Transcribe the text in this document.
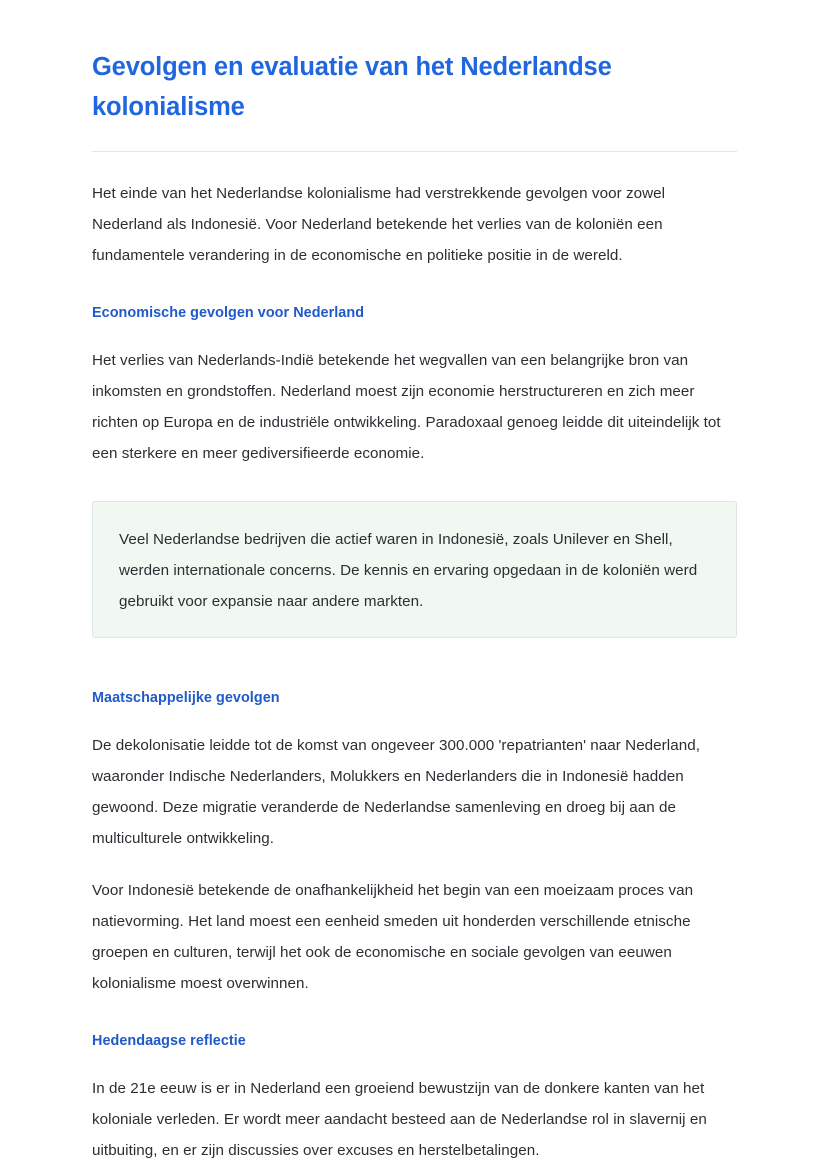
Gevolgen en evaluatie van het Nederlandse kolonialisme

Het einde van het Nederlandse kolonialisme had verstrekkende gevolgen voor zowel Nederland als Indonesië. Voor Nederland betekende het verlies van de koloniën een fundamentele verandering in de economische en politieke positie in de wereld.

Economische gevolgen voor Nederland

Het verlies van Nederlands-Indië betekende het wegvallen van een belangrijke bron van inkomsten en grondstoffen. Nederland moest zijn economie herstructureren en zich meer richten op Europa en de industriële ontwikkeling. Paradoxaal genoeg leidde dit uiteindelijk tot een sterkere en meer gediversifieerde economie.

Veel Nederlandse bedrijven die actief waren in Indonesië, zoals Unilever en Shell, werden internationale concerns. De kennis en ervaring opgedaan in de koloniën werd gebruikt voor expansie naar andere markten.

Maatschappelijke gevolgen

De dekolonisatie leidde tot de komst van ongeveer 300.000 'repatrianten' naar Nederland, waaronder Indische Nederlanders, Molukkers en Nederlanders die in Indonesië hadden gewoond. Deze migratie veranderde de Nederlandse samenleving en droeg bij aan de multiculturele ontwikkeling.

Voor Indonesië betekende de onafhankelijkheid het begin van een moeizaam proces van natievorming. Het land moest een eenheid smeden uit honderden verschillende etnische groepen en culturen, terwijl het ook de economische en sociale gevolgen van eeuwen kolonialisme moest overwinnen.

Hedendaagse reflectie

In de 21e eeuw is er in Nederland een groeiend bewustzijn van de donkere kanten van het koloniale verleden. Er wordt meer aandacht besteed aan de Nederlandse rol in slavernij en uitbuiting, en er zijn discussies over excuses en herstelbetalingen.
